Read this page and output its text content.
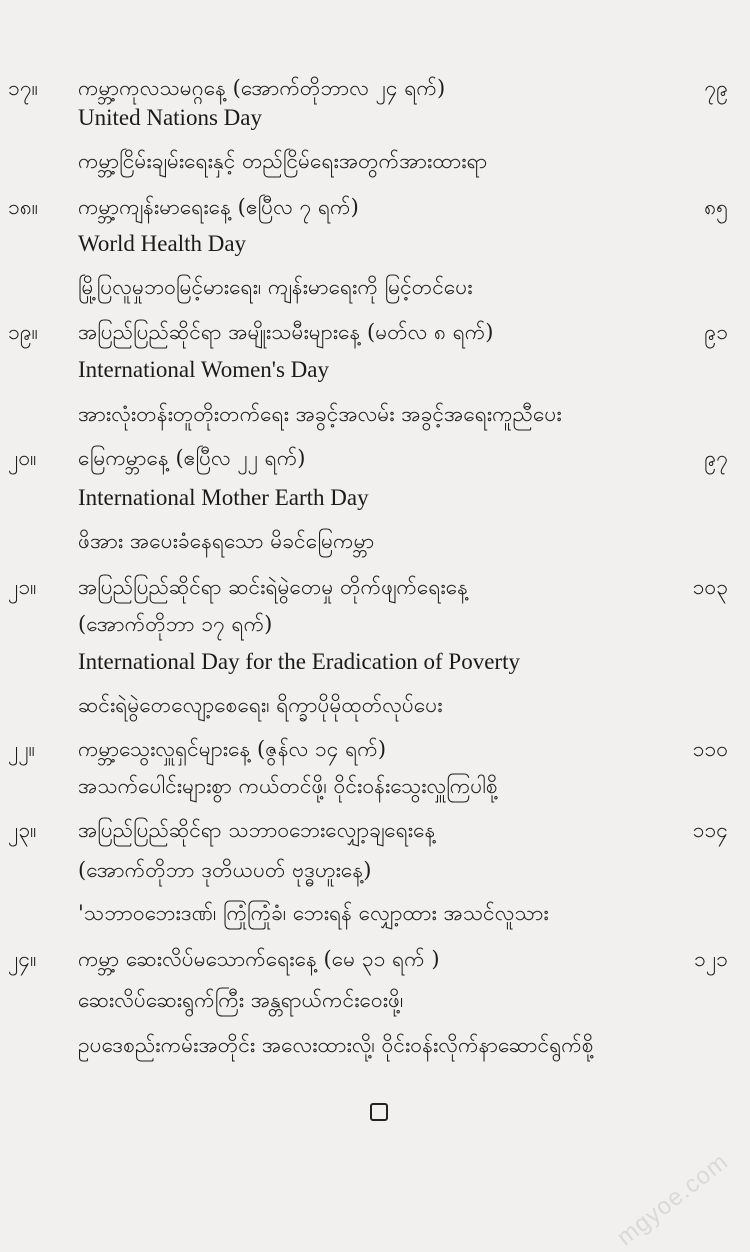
၁၇။	ကမ္ဘာ့ကုလသမဂ္ဂနေ့ (အောက်တိုဘာလ ၂၄ ရက်)	၇၉
United Nations Day
ကမ္ဘာ့ငြိမ်းချမ်းရေးနှင့် တည်ငြိမ်ရေးအတွက်အားထားရာ
၁၈။	ကမ္ဘာ့ကျန်းမာရေးနေ့ (ဧပြီလ ၇ ရက်)	၈၅
World Health Day
မြို့ပြလူမှုဘဝမြင့်မားရေး၊ ကျန်းမာရေးကို မြင့်တင်ပေး
၁၉။	အပြည်ပြည်ဆိုင်ရာ အမျိုးသမီးများနေ့ (မတ်လ ၈ ရက်)	၉၁
International Women's Day
အားလုံးတန်းတူတိုးတက်ရေး အခွင့်အလမ်း အခွင့်အရေးကူညီပေး
၂၀။	မြေကမ္ဘာနေ့ (ဧပြီလ ၂၂ ရက်)	၉၇
International Mother Earth Day
ဖိအား အပေးခံနေရသော မိခင်မြေကမ္ဘာ
၂၁။	အပြည်ပြည်ဆိုင်ရာ ဆင်းရဲမွဲတေမှု တိုက်ဖျက်ရေးနေ့	၁၀၃
(အောက်တိုဘာ ၁၇ ရက်)
International Day for the Eradication of Poverty
ဆင်းရဲမွဲတေလျော့စေရေး၊ ရိက္ခာပိုမိုထုတ်လုပ်ပေး
၂၂။	ကမ္ဘာ့သွေးလှူရှင်များနေ့ (ဇွန်လ ၁၄ ရက်)	၁၁၀
အသက်ပေါင်းများစွာ ကယ်တင်ဖို့၊ ဝိုင်းဝန်းသွေးလှူကြပါစို့
၂၃။	အပြည်ပြည်ဆိုင်ရာ သဘာဝဘေးလျှော့ချရေးနေ့	၁၁၄
(အောက်တိုဘာ ဒုတိယပတ် ဗုဒ္ဓဟူးနေ့)
'သဘာဝဘေးဒဏ်၊ ကြုံကြုံခံ၊ ဘေးရန် လျှော့ထား အသင်လူသား
၂၄။	ကမ္ဘာ့ ဆေးလိပ်မသောက်ရေးနေ့ (မေ ၃၁ ရက် )	၁၂၁
ဆေးလိပ်ဆေးရွက်ကြီး အန္တရာယ်ကင်းဝေးဖို့၊
ဥပဒေစည်းကမ်းအတိုင်း အလေးထားလို့၊ ဝိုင်းဝန်းလိုက်နာဆောင်ရွက်စို့
mgyoe.com
